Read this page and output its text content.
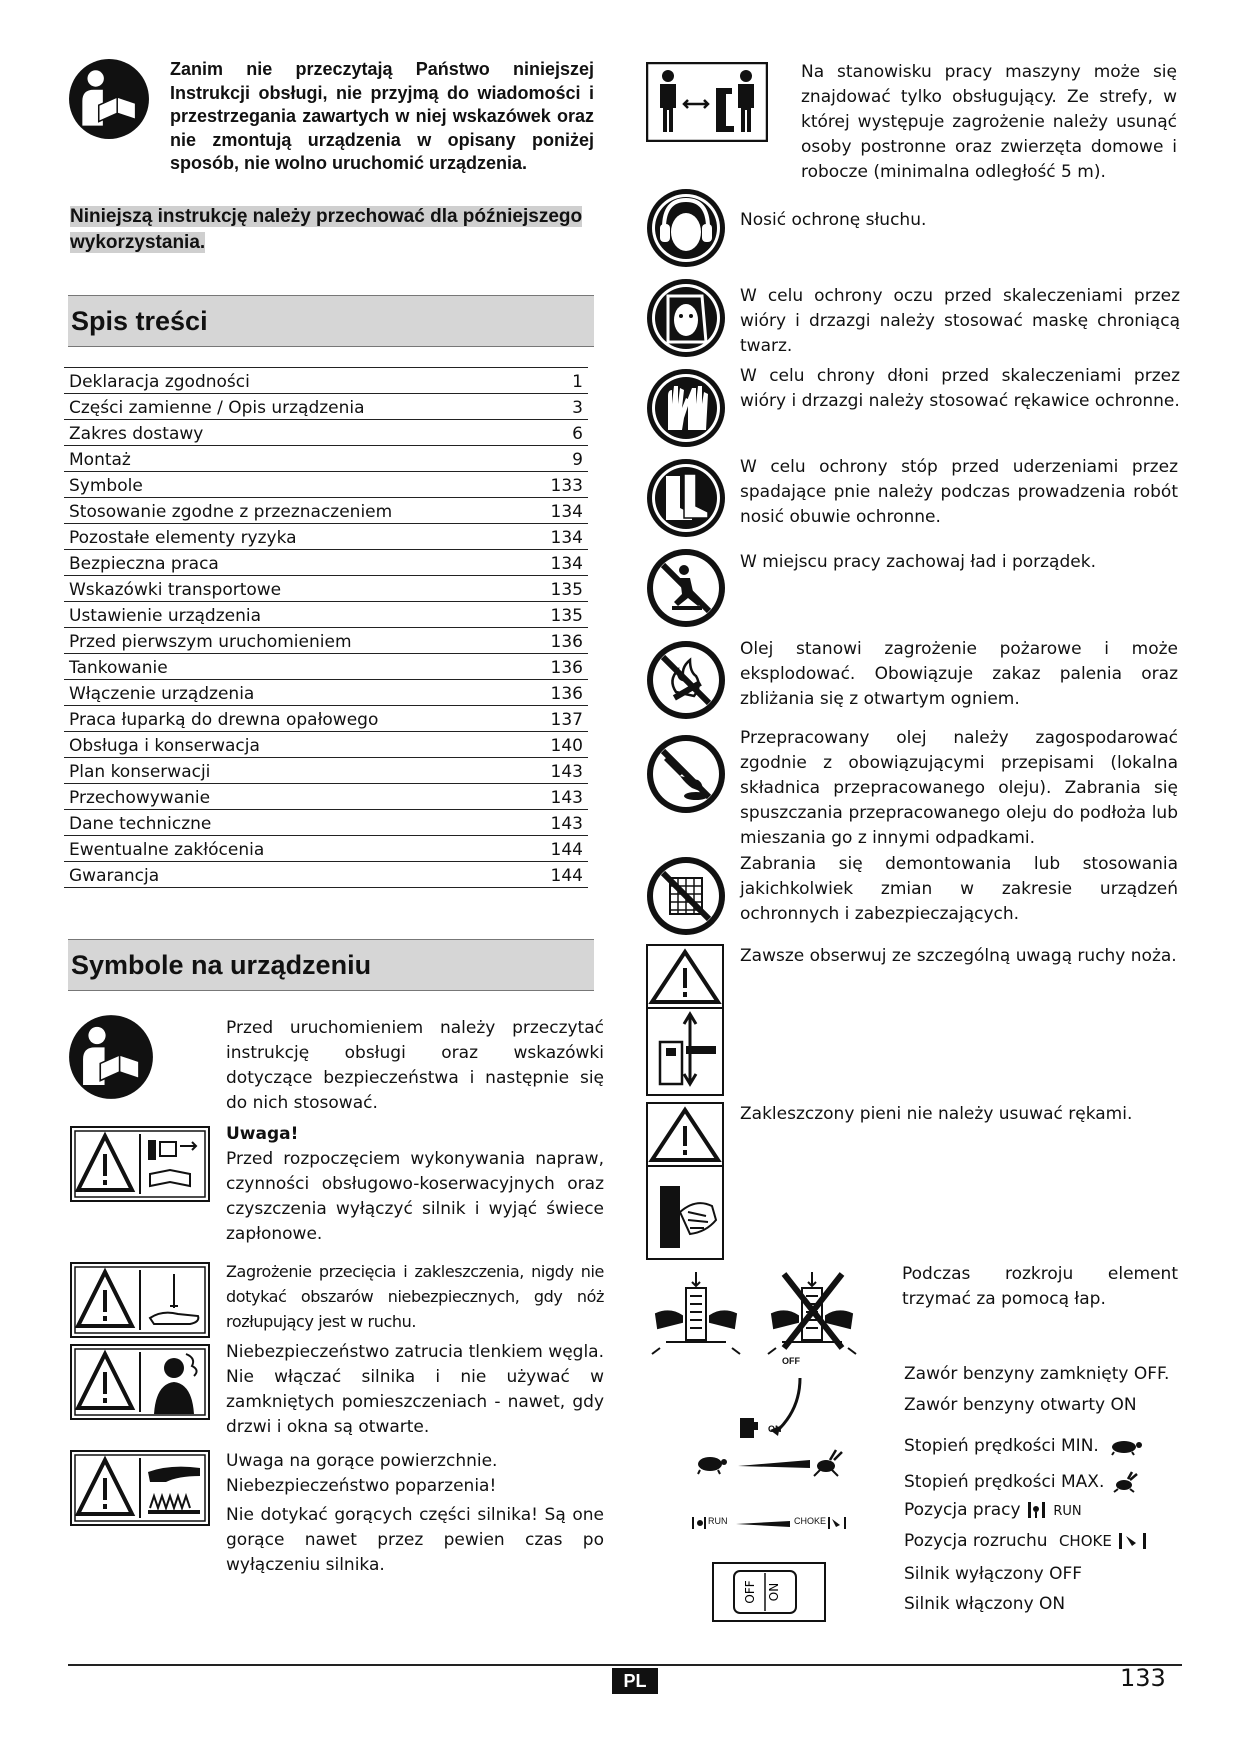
Zanim nie przeczytają Państwo niniejszej Instrukcji obsługi, nie przyjmą do wiadomości i przestrzegania zawartych w niej wskazówek oraz nie zmontują urządzenia w opisany poniżej sposób, nie wolno uruchomić urządzenia.
Niniejszą instrukcję należy przechować dla późniejszego wykorzystania.
Spis treści
Deklaracja zgodności	1
Części zamienne / Opis urządzenia	3
Zakres dostawy	6
Montaż	9
Symbole	133
Stosowanie zgodne z przeznaczeniem	134
Pozostałe elementy ryzyka	134
Bezpieczna praca	134
Wskazówki transportowe	135
Ustawienie urządzenia	135
Przed pierwszym uruchomieniem	136
Tankowanie	136
Włączenie urządzenia	136
Praca łuparką do drewna opałowego	137
Obsługa i konserwacja	140
Plan konserwacji	143
Przechowywanie	143
Dane techniczne	143
Ewentualne zakłócenia	144
Gwarancja	144
Symbole na urządzeniu
Przed uruchomieniem należy przeczytać instrukcję obsługi oraz wskazówki dotyczące bezpieczeństwa i następnie się do nich stosować.
Uwaga!
Przed rozpoczęciem wykonywania napraw, czynności obsługowo-koserwacyjnych oraz czyszczenia wyłączyć silnik i wyjąć świece zapłonowe.
Zagrożenie przecięcia i zakleszczenia, nigdy nie dotykać obszarów niebezpiecznych, gdy nóż rozłupujący jest w ruchu.
Niebezpieczeństwo zatrucia tlenkiem węgla. Nie włączać silnika i nie używać w zamkniętych pomieszczeniach - nawet, gdy drzwi i okna są otwarte.
Uwaga na gorące powierzchnie.
Niebezpieczeństwo poparzenia!
Nie dotykać gorących części silnika! Są one gorące nawet przez pewien czas po wyłączeniu silnika.
Na stanowisku pracy maszyny może się znajdować tylko obsługujący. Ze strefy, w której występuje zagrożenie należy usunąć osoby postronne oraz zwierzęta domowe i robocze (minimalna odległość 5 m).
Nosić ochronę słuchu.
W celu ochrony oczu przed skaleczeniami przez wióry i drzazgi należy stosować maskę chroniącą twarz.
W celu chrony dłoni przed skaleczeniami przez wióry i drzazgi należy stosować rękawice ochronne.
W celu ochrony stóp przed uderzeniami przez spadające pnie należy podczas prowadzenia robót nosić obuwie ochronne.
W miejscu pracy zachowaj ład i porządek.
Olej stanowi zagrożenie pożarowe i może eksplodować. Obowiązuje zakaz palenia oraz zbliżania się z otwartym ogniem.
Przepracowany olej należy zagospodarować zgodnie z obowiązującymi przepisami (lokalna składnica przepracowanego oleju). Zabrania się spuszczania przepracowanego oleju do podłoża lub mieszania go z innymi odpadkami.
Zabrania się demontowania lub stosowania jakichkolwiek zmian w zakresie urządzeń ochronnych i zabezpieczających.
Zawsze obserwuj ze szczególną uwagą ruchy noża.
Zakleszczony pieni nie należy usuwać rękami.
Podczas rozkroju element trzymać za pomocą łap.
OFF
ON
Zawór benzyny zamknięty OFF.
Zawór benzyny otwarty ON
Stopień prędkości MIN.
Stopień prędkości MAX.
RUN	CHOKE
Pozycja pracy	RUN
Pozycja rozruchu CHOKE
OFF ON
Silnik wyłączony OFF
Silnik włączony ON
PL	133
